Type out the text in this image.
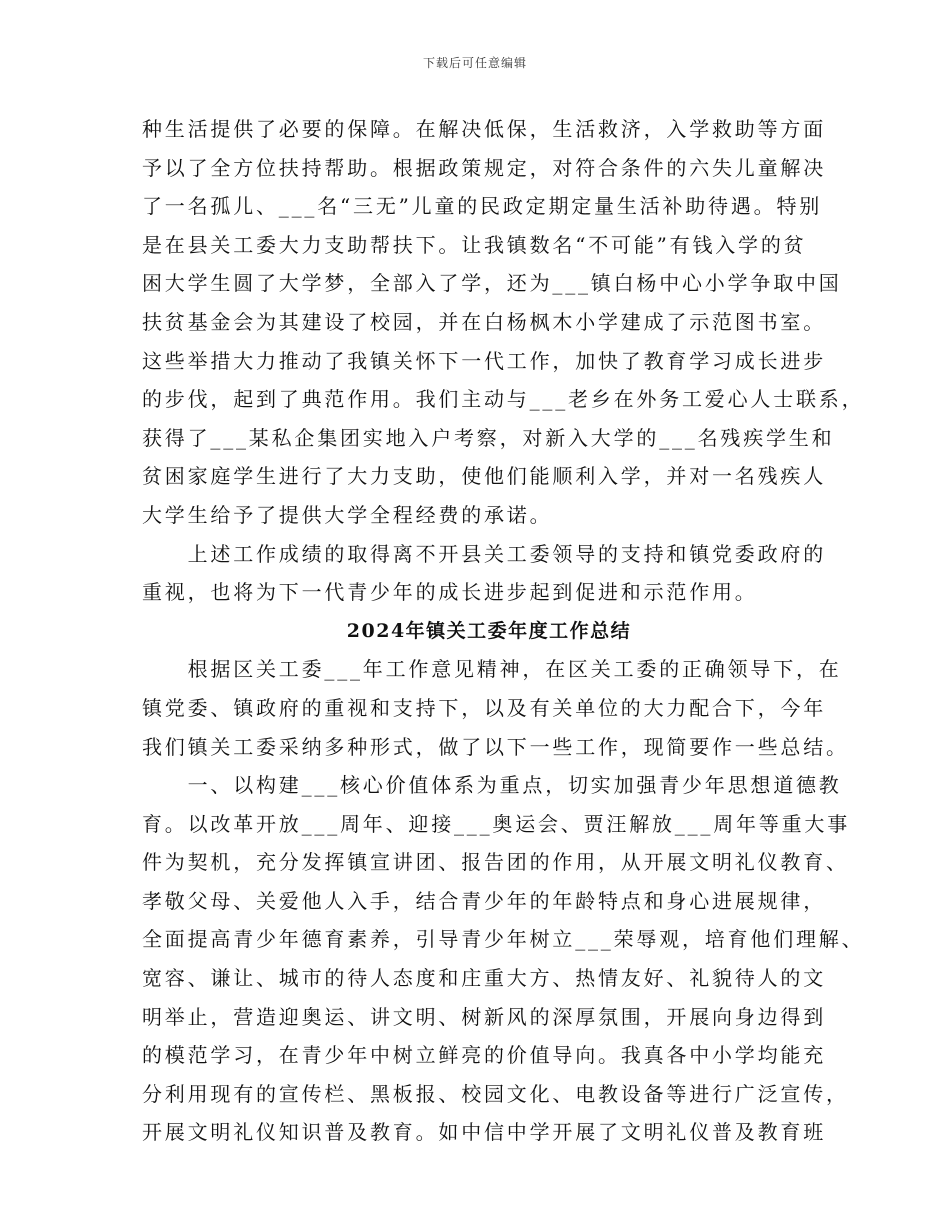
下载后可任意编辑
种生活提供了必要的保障。在解决低保，生活救济，入学救助等方面
予以了全方位扶持帮助。根据政策规定，对符合条件的六失儿童解决
了一名孤儿、___名“三无”儿童的民政定期定量生活补助待遇。特别
是在县关工委大力支助帮扶下。让我镇数名“不可能”有钱入学的贫
困大学生圆了大学梦，全部入了学，还为___镇白杨中心小学争取中国
扶贫基金会为其建设了校园，并在白杨枫木小学建成了示范图书室。
这些举措大力推动了我镇关怀下一代工作，加快了教育学习成长进步
的步伐，起到了典范作用。我们主动与___老乡在外务工爱心人士联系，
获得了___某私企集团实地入户考察，对新入大学的___名残疾学生和
贫困家庭学生进行了大力支助，使他们能顺利入学，并对一名残疾人
大学生给予了提供大学全程经费的承诺。
　　上述工作成绩的取得离不开县关工委领导的支持和镇党委政府的
重视，也将为下一代青少年的成长进步起到促进和示范作用。
2024年镇关工委年度工作总结
　　根据区关工委___年工作意见精神，在区关工委的正确领导下，在
镇党委、镇政府的重视和支持下，以及有关单位的大力配合下，今年
我们镇关工委采纳多种形式，做了以下一些工作，现简要作一些总结。
　　一、以构建___核心价值体系为重点，切实加强青少年思想道德教
育。以改革开放___周年、迎接___奥运会、贾汪解放___周年等重大事
件为契机，充分发挥镇宣讲团、报告团的作用，从开展文明礼仪教育、
孝敬父母、关爱他人入手，结合青少年的年龄特点和身心进展规律，
全面提高青少年德育素养，引导青少年树立___荣辱观，培育他们理解、
宽容、谦让、城市的待人态度和庄重大方、热情友好、礼貌待人的文
明举止，营造迎奥运、讲文明、树新风的深厚氛围，开展向身边得到
的模范学习，在青少年中树立鲜亮的价值导向。我真各中小学均能充
分利用现有的宣传栏、黑板报、校园文化、电教设备等进行广泛宣传，
开展文明礼仪知识普及教育。如中信中学开展了文明礼仪普及教育班
